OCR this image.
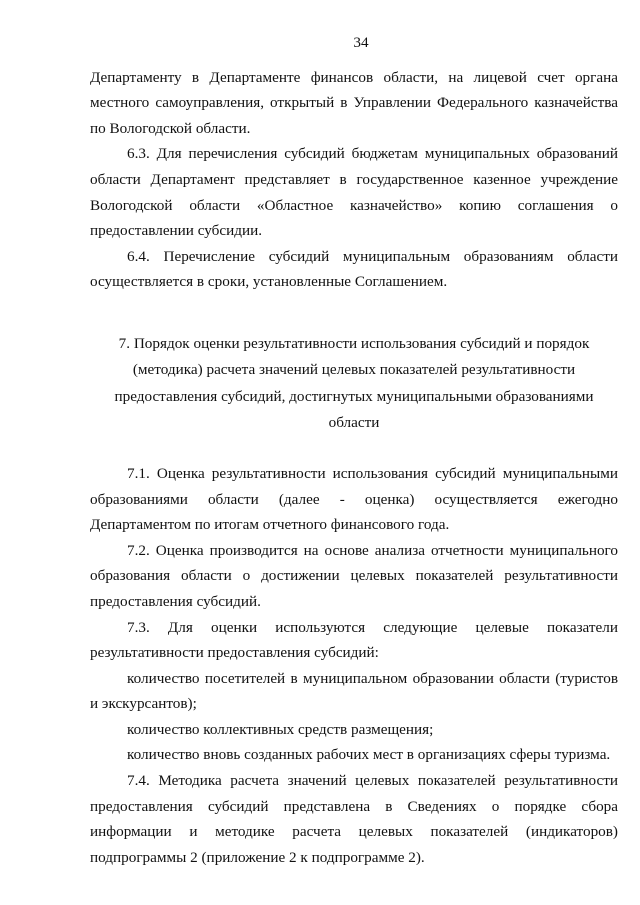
34

Департаменту в Департаменте финансов области, на лицевой счет органа местного самоуправления, открытый в Управлении Федерального казначейства по Вологодской области.

6.3. Для перечисления субсидий бюджетам муниципальных образований области Департамент представляет в государственное казенное учреждение Вологодской области «Областное казначейство» копию соглашения о предоставлении субсидии.

6.4. Перечисление субсидий муниципальным образованиям области осуществляется в сроки, установленные Соглашением.

7. Порядок оценки результативности использования субсидий и порядок
(методика) расчета значений целевых показателей результативности
предоставления субсидий, достигнутых муниципальными образованиями
области

7.1. Оценка результативности использования субсидий муниципальными образованиями области (далее - оценка) осуществляется ежегодно Департаментом по итогам отчетного финансового года.

7.2. Оценка производится на основе анализа отчетности муниципального образования области о достижении целевых показателей результативности предоставления субсидий.

7.3. Для оценки используются следующие целевые показатели результативности предоставления субсидий:

количество посетителей в муниципальном образовании области (туристов и экскурсантов);

количество коллективных средств размещения;

количество вновь созданных рабочих мест в организациях сферы туризма.

7.4. Методика расчета значений целевых показателей результативности предоставления субсидий представлена в Сведениях о порядке сбора информации и методике расчета целевых показателей (индикаторов) подпрограммы 2 (приложение 2 к подпрограмме 2).
